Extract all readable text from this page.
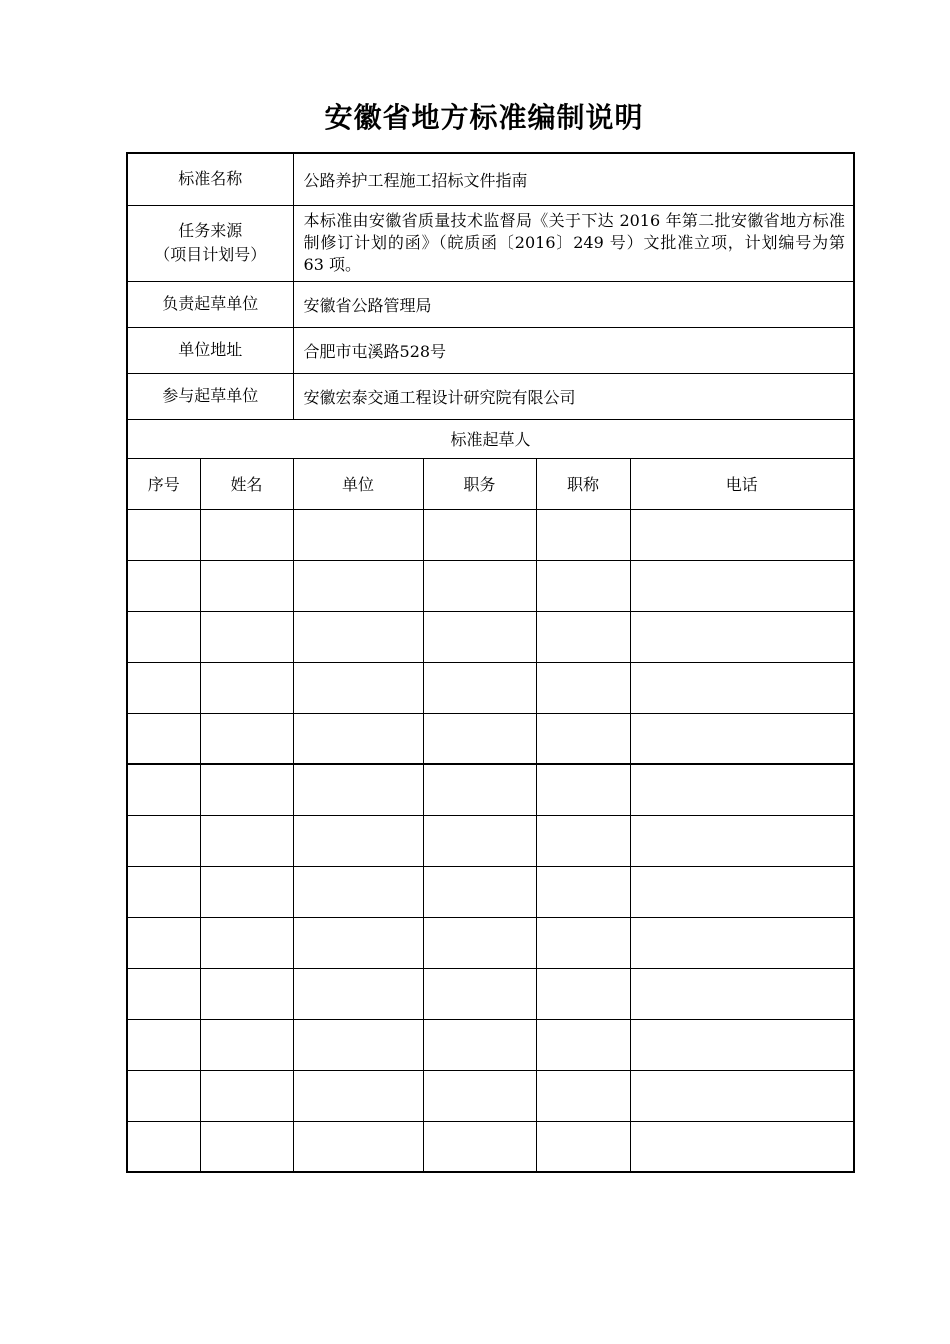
安徽省地方标准编制说明
标准名称		公路养护工程施工招标文件指南			

任务来源
（项目计划号）		本标准由安徽省质量技术监督局《关于下达 2016 年第二批安徽省地方标准制修订计划的函》（皖质函〔2016〕249 号）文批准立项，计划编号为第 63 项。			
负责起草单位		安徽省公路管理局			
单位地址		合肥市屯溪路528号			
参与起草单位		安徽宏泰交通工程设计研究院有限公司			
标准起草人					
序号	姓名	单位	职务	职称	电话
